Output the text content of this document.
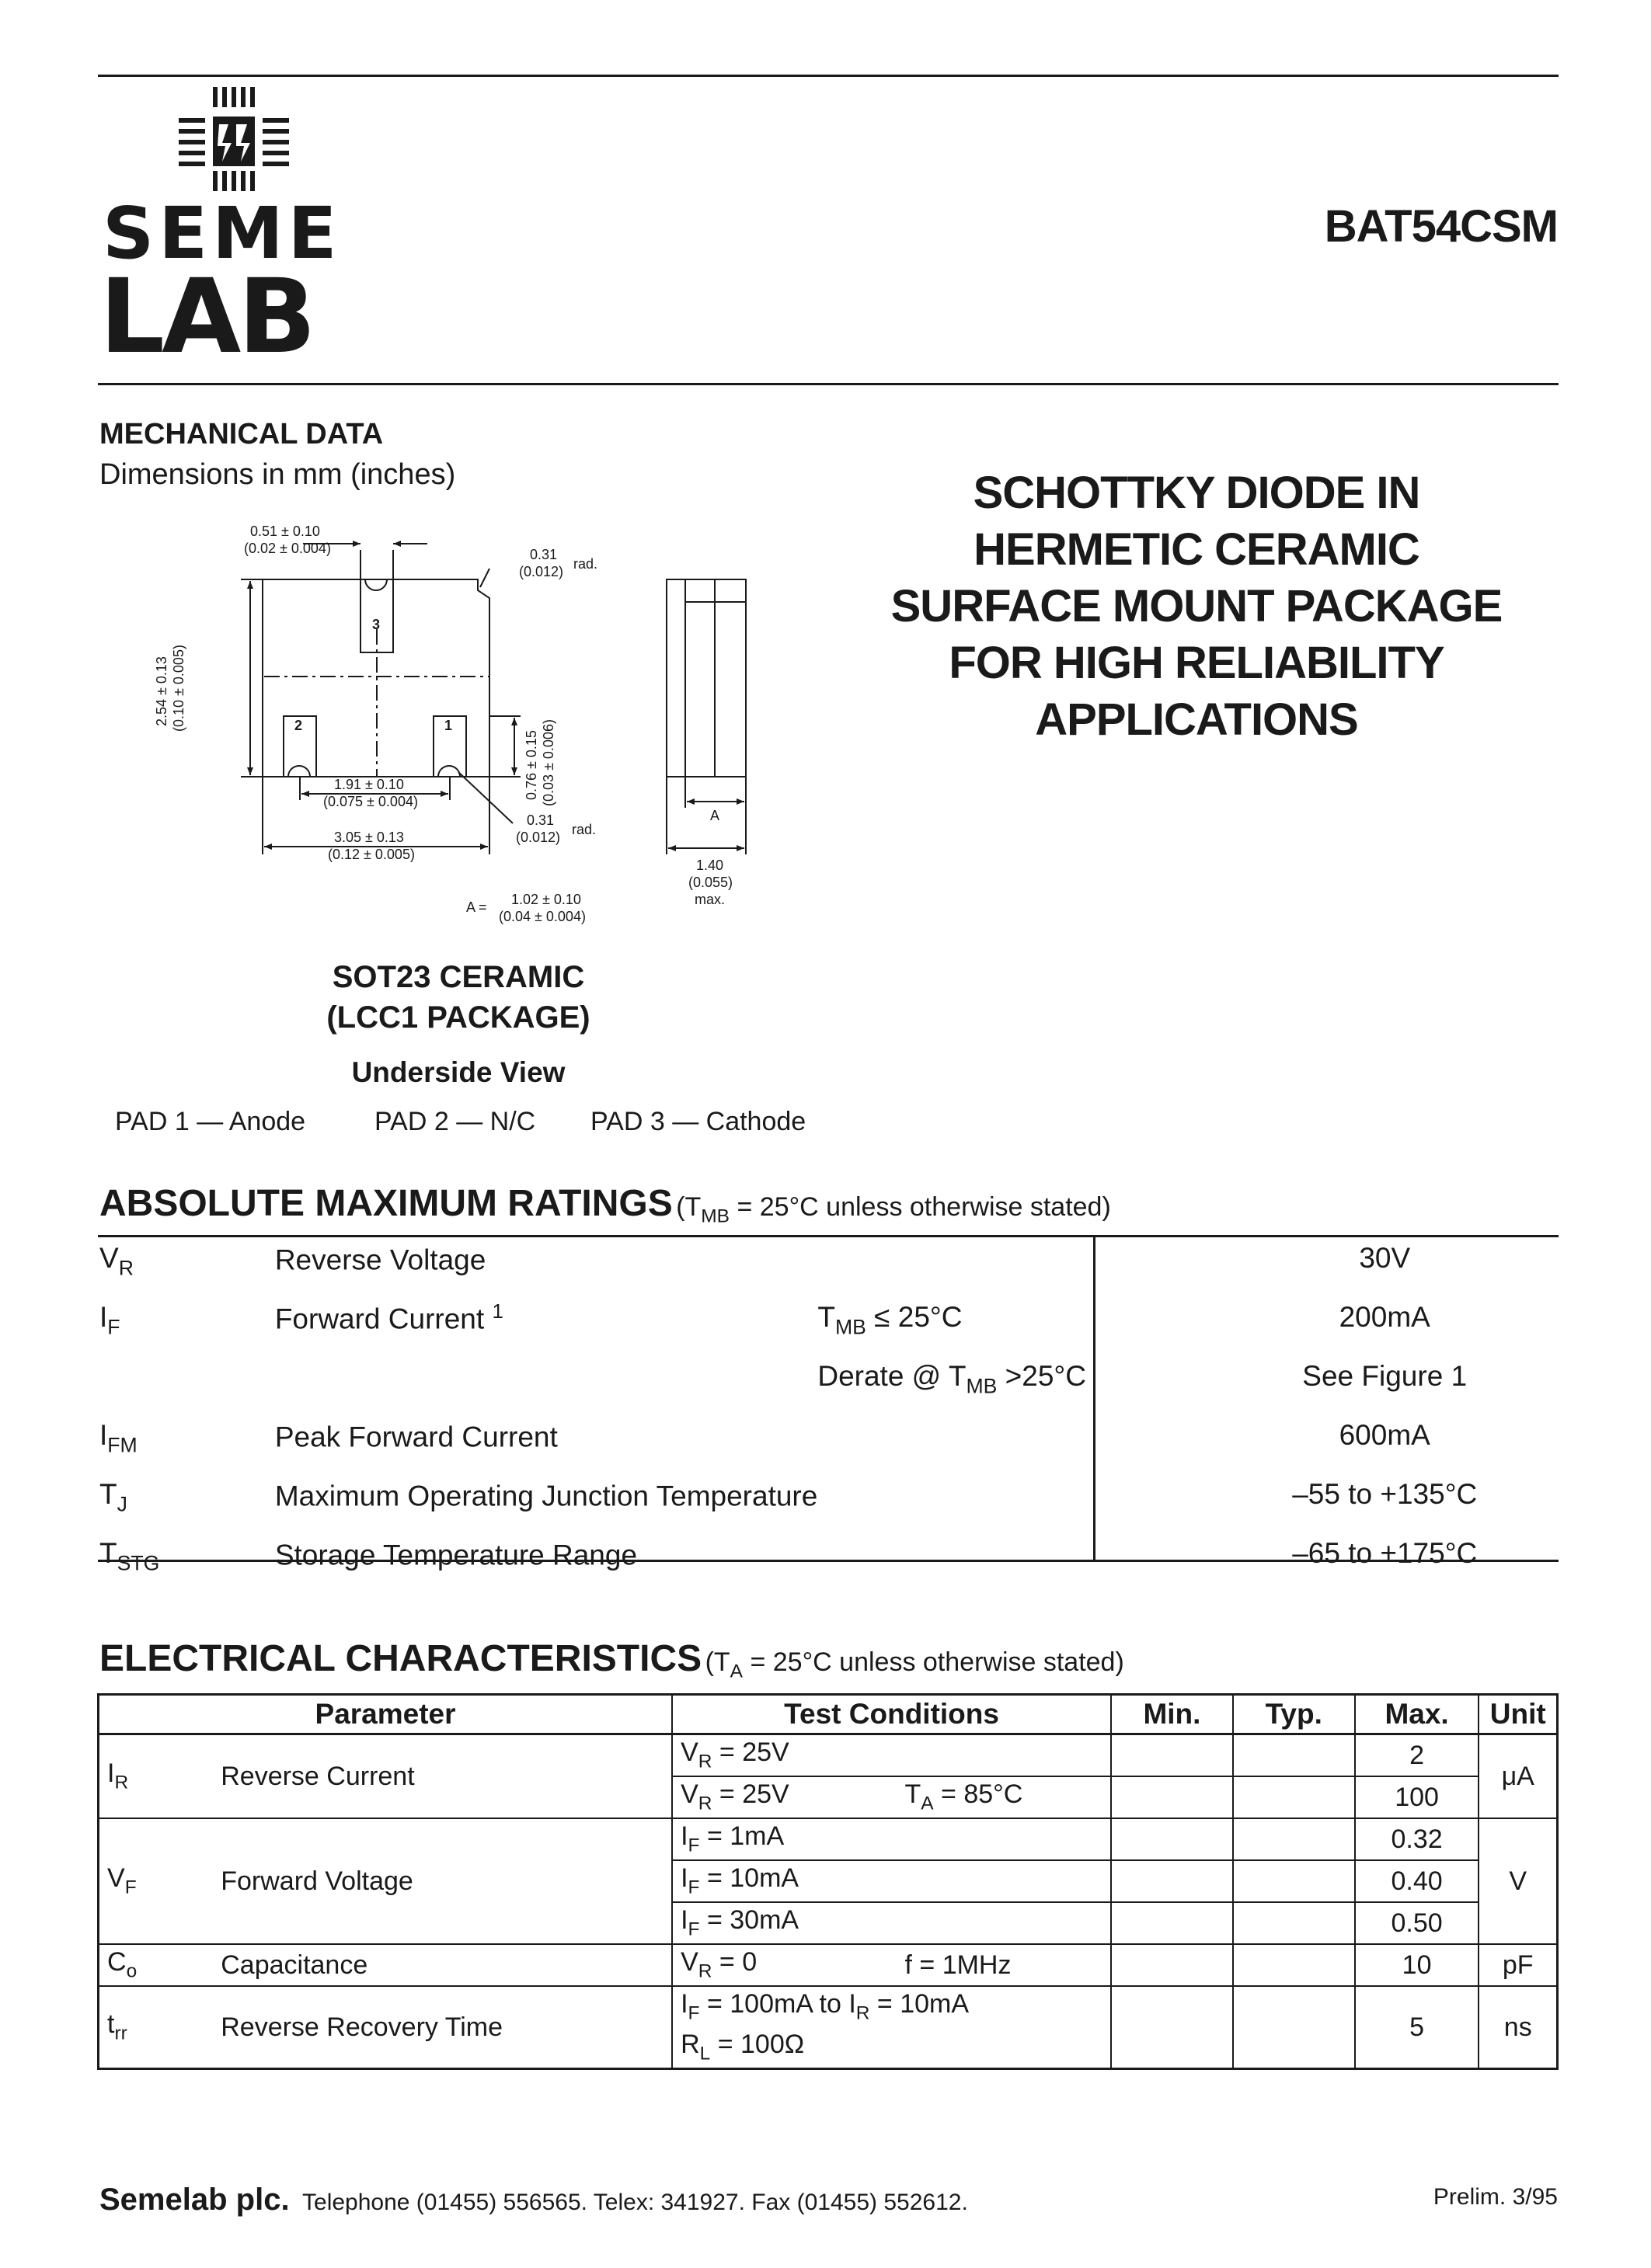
SEME
LAB
BAT54CSM
MECHANICAL DATA
Dimensions in mm (inches)
0.51 ± 0.10
(0.02 ± 0.004)	0.31
(0.012) rad.
2.54 ± 0.13 (0.10 ± 0.005)
0.76 ± 0.15 (0.03 ± 0.006)
1.91 ± 0.10
(0.075 ± 0.004)
0.31
(0.012) rad.
3.05 ± 0.13
(0.12 ± 0.005)
A = 1.02 ± 0.10
(0.04 ± 0.004)
A
1.40
(0.055)
max.
3
2	1
SOT23 CERAMIC
(LCC1 PACKAGE)
Underside View
PAD 1 — Anode	PAD 2 — N/C PAD 3 — Cathode
SCHOTTKY DIODE IN
HERMETIC CERAMIC
SURFACE MOUNT PACKAGE
FOR HIGH RELIABILITY
APPLICATIONS
ABSOLUTE MAXIMUM RATINGS ($T_{MB} = 25^\circ C$ unless otherwise stated)
$V_R$	Reverse Voltage		30V
$I_F$	Forward Current $^1$	$T_{MB} \le 25^\circ C$	200mA
		Derate @ $T_{MB} >25^\circ C$	See Figure 1
$I_{FM}$	Peak Forward Current		600mA
$T_J$	Maximum Operating Junction Temperature		–55 to +135°C
$T_{STG}$	Storage Temperature Range		–65 to +175°C
ELECTRICAL CHARACTERISTICS ($T_A = 25^\circ C$ unless otherwise stated)
Parameter		Test Conditions		Min.	Typ.	Max.	Unit
$I_R$	Reverse Current	$V_R = 25V$				2	μA
		$V_R = 25V$	$T_A = 85^\circ C$			100	
$V_F$	Forward Voltage	$I_F = 1mA$				0.32	V
		$I_F = 10mA$				0.40	
		$I_F = 30mA$				0.50	
$C_o$	Capacitance	$V_R = 0$	f = 1MHz			10	pF
$t_{rr}$	Reverse Recovery Time	$I_F = 100mA$ to $I_R = 10mA$				5	ns
		$R_L = 100\Omega$					
Semelab plc. Telephone (01455) 556565. Telex: 341927. Fax (01455) 552612.	Prelim. 3/95
